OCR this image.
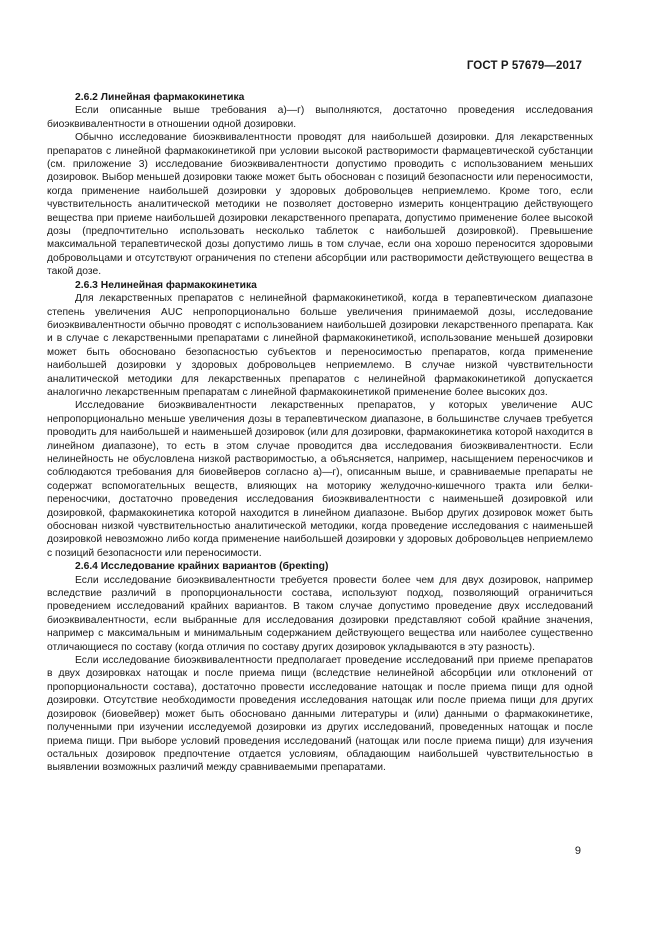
ГОСТ Р 57679—2017

2.6.2 Линейная фармакокинетика

Если описанные выше требования а)—г) выполняются, достаточно проведения исследования биоэквивалентности в отношении одной дозировки.

Обычно исследование биоэквивалентности проводят для наибольшей дозировки. Для лекарственных препаратов с линейной фармакокинетикой при условии высокой растворимости фармацевтической субстанции (см. приложение 3) исследование биоэквивалентности допустимо проводить с использованием меньших дозировок. Выбор меньшей дозировки также может быть обоснован с позиций безопасности или переносимости, когда применение наибольшей дозировки у здоровых добровольцев неприемлемо. Кроме того, если чувствительность аналитической методики не позволяет достоверно измерить концентрацию действующего вещества при приеме наибольшей дозировки лекарственного препарата, допустимо применение более высокой дозы (предпочтительно использовать несколько таблеток с наибольшей дозировкой). Превышение максимальной терапевтической дозы допустимо лишь в том случае, если она хорошо переносится здоровыми добровольцами и отсутствуют ограничения по степени абсорбции или растворимости действующего вещества в такой дозе.

2.6.3 Нелинейная фармакокинетика

Для лекарственных препаратов с нелинейной фармакокинетикой, когда в терапевтическом диапазоне степень увеличения AUC непропорционально больше увеличения принимаемой дозы, исследование биоэквивалентности обычно проводят с использованием наибольшей дозировки лекарственного препарата. Как и в случае с лекарственными препаратами с линейной фармакокинетикой, использование меньшей дозировки может быть обосновано безопасностью субъектов и переносимостью препаратов, когда применение наибольшей дозировки у здоровых добровольцев неприемлемо. В случае низкой чувствительности аналитической методики для лекарственных препаратов с нелинейной фармакокинетикой допускается аналогично лекарственным препаратам с линейной фармакокинетикой применение более высоких доз.

Исследование биоэквивалентности лекарственных препаратов, у которых увеличение AUC непропорционально меньше увеличения дозы в терапевтическом диапазоне, в большинстве случаев требуется проводить для наибольшей и наименьшей дозировок (или для дозировки, фармакокинетика которой находится в линейном диапазоне), то есть в этом случае проводится два исследования биоэквивалентности. Если нелинейность не обусловлена низкой растворимостью, а объясняется, например, насыщением переносчиков и соблюдаются требования для биовейверов согласно а)—г), описанным выше, и сравниваемые препараты не содержат вспомогательных веществ, влияющих на моторику желудочно-кишечного тракта или белки-переносчики, достаточно проведения исследования биоэквивалентности с наименьшей дозировкой или дозировкой, фармакокинетика которой находится в линейном диапазоне. Выбор других дозировок может быть обоснован низкой чувствительностью аналитической методики, когда проведение исследования с наименьшей дозировкой невозможно либо когда применение наибольшей дозировки у здоровых добровольцев неприемлемо с позиций безопасности или переносимости.

2.6.4 Исследование крайних вариантов (брекting)

Если исследование биоэквивалентности требуется провести более чем для двух дозировок, например вследствие различий в пропорциональности состава, используют подход, позволяющий ограничиться проведением исследований крайних вариантов. В таком случае допустимо проведение двух исследований биоэквивалентности, если выбранные для исследования дозировки представляют собой крайние значения, например с максимальным и минимальным содержанием действующего вещества или наиболее существенно отличающиеся по составу (когда отличия по составу других дозировок укладываются в эту разность).

Если исследование биоэквивалентности предполагает проведение исследований при приеме препаратов в двух дозировках натощак и после приема пищи (вследствие нелинейной абсорбции или отклонений от пропорциональности состава), достаточно провести исследование натощак и после приема пищи для одной дозировки. Отсутствие необходимости проведения исследования натощак или после приема пищи для других дозировок (биовейвер) может быть обосновано данными литературы и (или) данными о фармакокинетике, полученными при изучении исследуемой дозировки из других исследований, проведенных натощак и после приема пищи. При выборе условий проведения исследований (натощак или после приема пищи) для изучения остальных дозировок предпочтение отдается условиям, обладающим наибольшей чувствительностью в выявлении возможных различий между сравниваемыми препаратами.

9
